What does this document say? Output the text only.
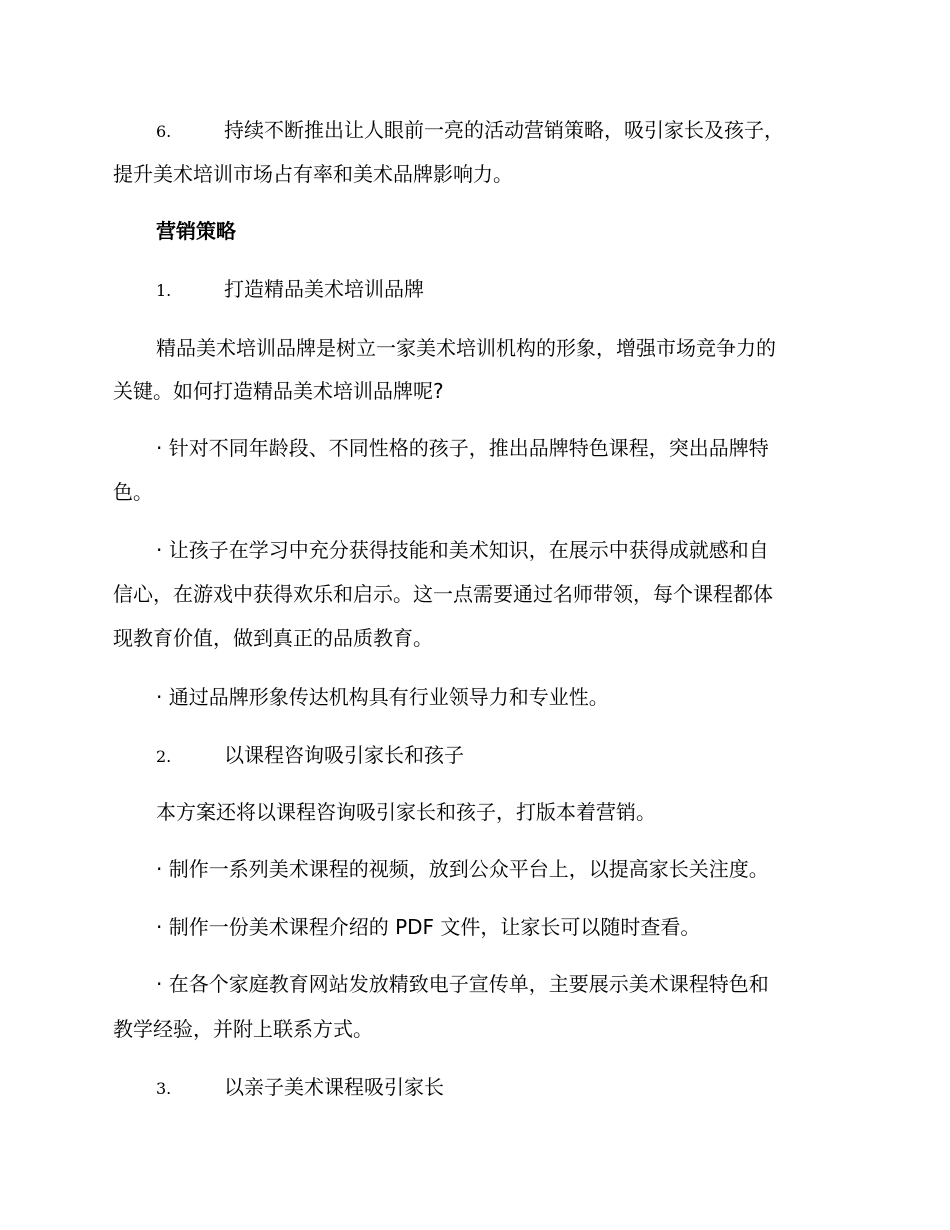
6.	持续不断推出让人眼前一亮的活动营销策略，吸引家长及孩子，
提升美术培训市场占有率和美术品牌影响力。
营销策略
1.	打造精品美术培训品牌
精品美术培训品牌是树立一家美术培训机构的形象，增强市场竞争力的
关键。如何打造精品美术培训品牌呢?
· 针对不同年龄段、不同性格的孩子，推出品牌特色课程，突出品牌特
色。
· 让孩子在学习中充分获得技能和美术知识，在展示中获得成就感和自
信心，在游戏中获得欢乐和启示。这一点需要通过名师带领，每个课程都体
现教育价值，做到真正的品质教育。
· 通过品牌形象传达机构具有行业领导力和专业性。
2.	以课程咨询吸引家长和孩子
本方案还将以课程咨询吸引家长和孩子，打版本着营销。
· 制作一系列美术课程的视频，放到公众平台上，以提高家长关注度。
· 制作一份美术课程介绍的 PDF 文件，让家长可以随时查看。
· 在各个家庭教育网站发放精致电子宣传单，主要展示美术课程特色和
教学经验，并附上联系方式。
3.	以亲子美术课程吸引家长
